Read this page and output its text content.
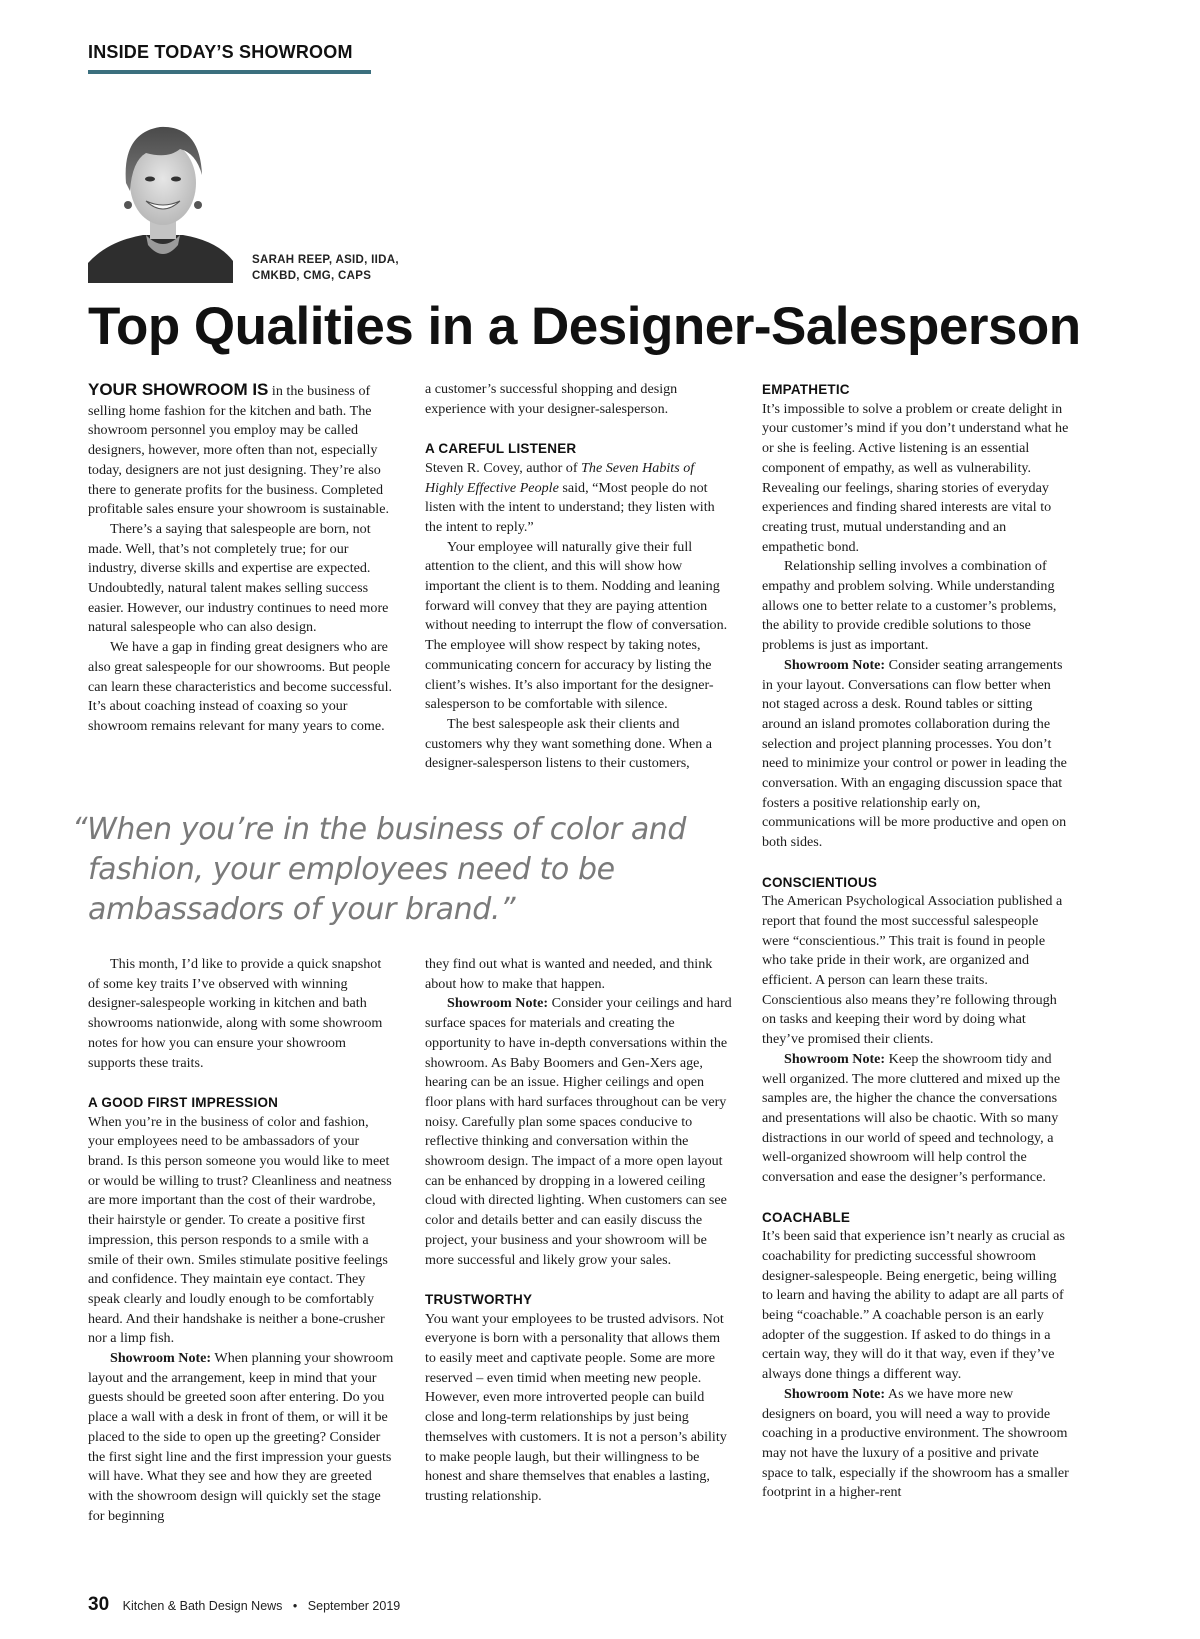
INSIDE TODAY’S SHOWROOM
SARAH REEP, ASID, IIDA,
CMKBD, CMG, CAPS
Top Qualities in a Designer-Salesperson

YOUR SHOWROOM IS in the business of selling home fashion for the kitchen and bath. The showroom personnel you employ may be called designers, however, more often than not, especially today, designers are not just designing. They’re also there to generate profits for the business. Completed profitable sales ensure your showroom is sustainable.

There’s a saying that salespeople are born, not made. Well, that’s not completely true; for our industry, diverse skills and expertise are expected. Undoubtedly, natural talent makes selling success easier. However, our industry continues to need more natural salespeople who can also design.

We have a gap in finding great designers who are also great salespeople for our showrooms. But people can learn these characteristics and become successful. It’s about coaching instead of coaxing so your showroom remains relevant for many years to come.

a customer’s successful shopping and design experience with your designer-salesperson.

A CAREFUL LISTENER

Steven R. Covey, author of The Seven Habits of Highly Effective People said, “Most people do not listen with the intent to understand; they listen with the intent to reply.”

Your employee will naturally give their full attention to the client, and this will show how important the client is to them. Nodding and leaning forward will convey that they are paying attention without needing to interrupt the flow of conversation. The employee will show respect by taking notes, communicating concern for accuracy by listing the client’s wishes. It’s also important for the designer-salesperson to be comfortable with silence.

The best salespeople ask their clients and customers why they want something done. When a designer-salesperson listens to their customers,

“When you’re in the business of color and fashion, your employees need to be ambassadors of your brand.”

This month, I’d like to provide a quick snapshot of some key traits I’ve observed with winning designer-salespeople working in kitchen and bath showrooms nationwide, along with some showroom notes for how you can ensure your showroom supports these traits.

A GOOD FIRST IMPRESSION

When you’re in the business of color and fashion, your employees need to be ambassadors of your brand. Is this person someone you would like to meet or would be willing to trust? Cleanliness and neatness are more important than the cost of their wardrobe, their hairstyle or gender. To create a positive first impression, this person responds to a smile with a smile of their own. Smiles stimulate positive feelings and confidence. They maintain eye contact. They speak clearly and loudly enough to be comfortably heard. And their handshake is neither a bone-crusher nor a limp fish.

Showroom Note: When planning your showroom layout and the arrangement, keep in mind that your guests should be greeted soon after entering. Do you place a wall with a desk in front of them, or will it be placed to the side to open up the greeting? Consider the first sight line and the first impression your guests will have. What they see and how they are greeted with the showroom design will quickly set the stage for beginning

they find out what is wanted and needed, and think about how to make that happen.

Showroom Note: Consider your ceilings and hard surface spaces for materials and creating the opportunity to have in-depth conversations within the showroom. As Baby Boomers and Gen-Xers age, hearing can be an issue. Higher ceilings and open floor plans with hard surfaces throughout can be very noisy. Carefully plan some spaces conducive to reflective thinking and conversation within the showroom design. The impact of a more open layout can be enhanced by dropping in a lowered ceiling cloud with directed lighting. When customers can see color and details better and can easily discuss the project, your business and your showroom will be more successful and likely grow your sales.

TRUSTWORTHY

You want your employees to be trusted advisors. Not everyone is born with a personality that allows them to easily meet and captivate people. Some are more reserved – even timid when meeting new people. However, even more introverted people can build close and long-term relationships by just being themselves with customers. It is not a person’s ability to make people laugh, but their willingness to be honest and share themselves that enables a lasting, trusting relationship.

EMPATHETIC

It’s impossible to solve a problem or create delight in your customer’s mind if you don’t understand what he or she is feeling. Active listening is an essential component of empathy, as well as vulnerability. Revealing our feelings, sharing stories of everyday experiences and finding shared interests are vital to creating trust, mutual understanding and an empathetic bond.

Relationship selling involves a combination of empathy and problem solving. While understanding allows one to better relate to a customer’s problems, the ability to provide credible solutions to those problems is just as important.

Showroom Note: Consider seating arrangements in your layout. Conversations can flow better when not staged across a desk. Round tables or sitting around an island promotes collaboration during the selection and project planning processes. You don’t need to minimize your control or power in leading the conversation. With an engaging discussion space that fosters a positive relationship early on, communications will be more productive and open on both sides.

CONSCIENTIOUS

The American Psychological Association published a report that found the most successful salespeople were “conscientious.” This trait is found in people who take pride in their work, are organized and efficient. A person can learn these traits. Conscientious also means they’re following through on tasks and keeping their word by doing what they’ve promised their clients.

Showroom Note: Keep the showroom tidy and well organized. The more cluttered and mixed up the samples are, the higher the chance the conversations and presentations will also be chaotic. With so many distractions in our world of speed and technology, a well-organized showroom will help control the conversation and ease the designer’s performance.

COACHABLE

It’s been said that experience isn’t nearly as crucial as coachability for predicting successful showroom designer-salespeople. Being energetic, being willing to learn and having the ability to adapt are all parts of being “coachable.” A coachable person is an early adopter of the suggestion. If asked to do things in a certain way, they will do it that way, even if they’ve always done things a different way.

Showroom Note: As we have more new designers on board, you will need a way to provide coaching in a productive environment. The showroom may not have the luxury of a positive and private space to talk, especially if the showroom has a smaller footprint in a higher-rent

30 Kitchen & Bath Design News • September 2019
